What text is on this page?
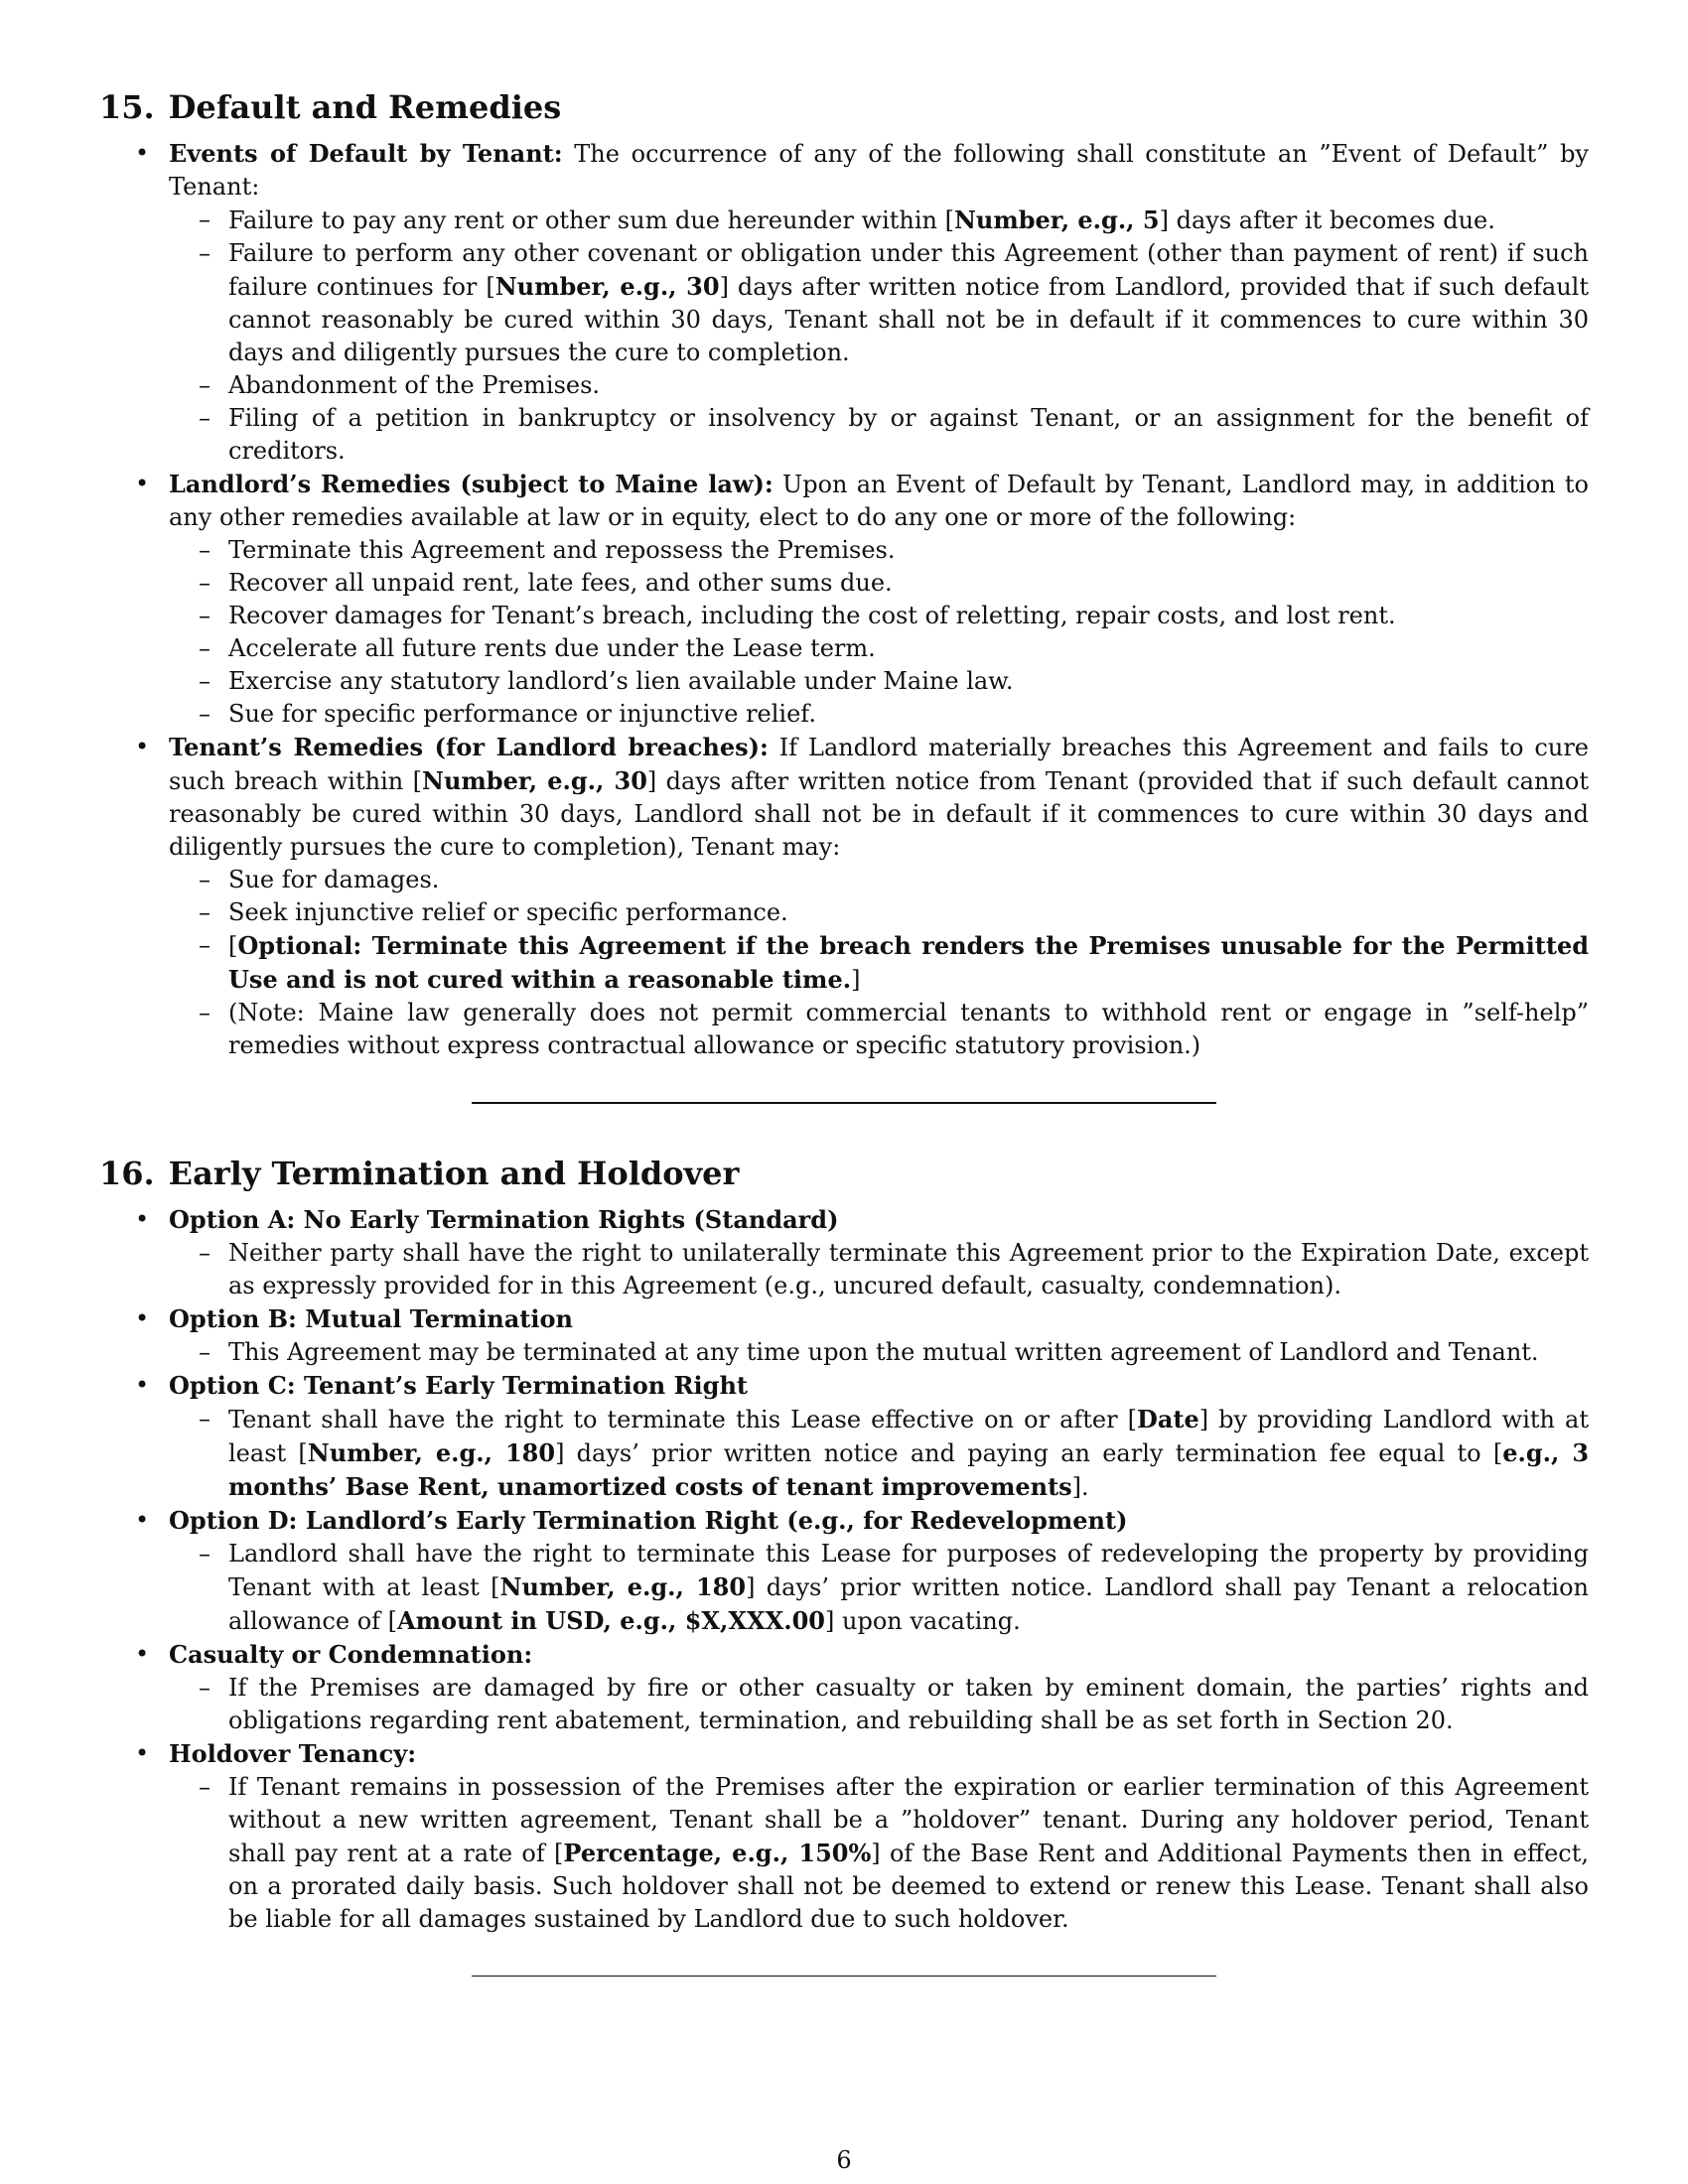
15. Default and Remedies
• Events of Default by Tenant: The occurrence of any of the following shall constitute an ”Event of Default” by Tenant:
– Failure to pay any rent or other sum due hereunder within [Number, e.g., 5] days after it becomes due.
– Failure to perform any other covenant or obligation under this Agreement (other than payment of rent) if such failure continues for [Number, e.g., 30] days after written notice from Landlord, provided that if such default cannot reasonably be cured within 30 days, Tenant shall not be in default if it commences to cure within 30 days and diligently pursues the cure to completion.
– Abandonment of the Premises.
– Filing of a petition in bankruptcy or insolvency by or against Tenant, or an assignment for the benefit of creditors.
• Landlord’s Remedies (subject to Maine law): Upon an Event of Default by Tenant, Landlord may, in addition to any other remedies available at law or in equity, elect to do any one or more of the following:
– Terminate this Agreement and repossess the Premises.
– Recover all unpaid rent, late fees, and other sums due.
– Recover damages for Tenant’s breach, including the cost of reletting, repair costs, and lost rent.
– Accelerate all future rents due under the Lease term.
– Exercise any statutory landlord’s lien available under Maine law.
– Sue for specific performance or injunctive relief.
• Tenant’s Remedies (for Landlord breaches): If Landlord materially breaches this Agreement and fails to cure such breach within [Number, e.g., 30] days after written notice from Tenant (provided that if such default cannot reasonably be cured within 30 days, Landlord shall not be in default if it commences to cure within 30 days and diligently pursues the cure to completion), Tenant may:
– Sue for damages.
– Seek injunctive relief or specific performance.
– [Optional: Terminate this Agreement if the breach renders the Premises unusable for the Permitted Use and is not cured within a reasonable time.]
– (Note: Maine law generally does not permit commercial tenants to withhold rent or engage in ”self-help” remedies without express contractual allowance or specific statutory provision.)
16. Early Termination and Holdover
• Option A: No Early Termination Rights (Standard)
– Neither party shall have the right to unilaterally terminate this Agreement prior to the Expiration Date, except as expressly provided for in this Agreement (e.g., uncured default, casualty, condemnation).
• Option B: Mutual Termination
– This Agreement may be terminated at any time upon the mutual written agreement of Landlord and Tenant.
• Option C: Tenant’s Early Termination Right
– Tenant shall have the right to terminate this Lease effective on or after [Date] by providing Landlord with at least [Number, e.g., 180] days’ prior written notice and paying an early termination fee equal to [e.g., 3 months’ Base Rent, unamortized costs of tenant improvements].
• Option D: Landlord’s Early Termination Right (e.g., for Redevelopment)
– Landlord shall have the right to terminate this Lease for purposes of redeveloping the property by providing Tenant with at least [Number, e.g., 180] days’ prior written notice. Landlord shall pay Tenant a relocation allowance of [Amount in USD, e.g., $X,XXX.00] upon vacating.
• Casualty or Condemnation:
– If the Premises are damaged by fire or other casualty or taken by eminent domain, the parties’ rights and obligations regarding rent abatement, termination, and rebuilding shall be as set forth in Section 20.
• Holdover Tenancy:
– If Tenant remains in possession of the Premises after the expiration or earlier termination of this Agreement without a new written agreement, Tenant shall be a ”holdover” tenant. During any holdover period, Tenant shall pay rent at a rate of [Percentage, e.g., 150%] of the Base Rent and Additional Payments then in effect, on a prorated daily basis. Such holdover shall not be deemed to extend or renew this Lease. Tenant shall also be liable for all damages sustained by Landlord due to such holdover.
6
